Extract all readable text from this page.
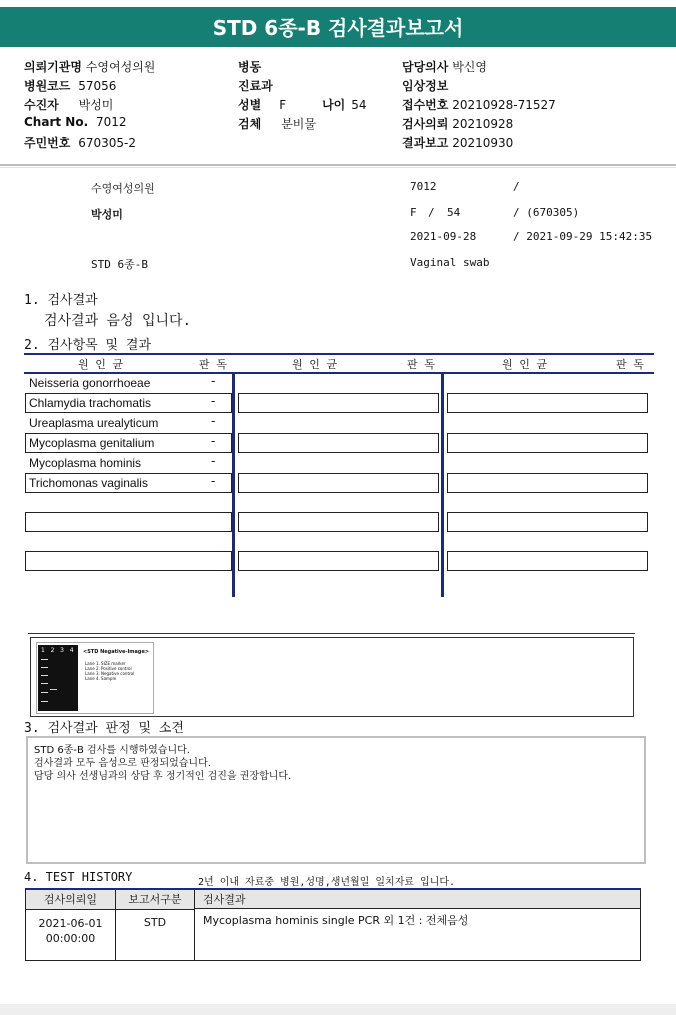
STD 6종-B 검사결과보고서
의뢰기관명 수영여성의원
병원코드 57056
수진자 박성미
Chart No. 7012
주민번호 670305-2
병동
진료과
성별 F	나이 54
검체 분비물
담당의사 박신영
임상정보
접수번호 20210928-71527
검사의뢰 20210928
결과보고 20210930
수영여성의원	7012	/
박성미	F / 54	/ (670305)
2021-09-28	/ 2021-09-29 15:42:35
STD 6종-B	Vaginal swab
1. 검사결과
검사결과 음성 입니다.
2. 검사항목 및 결과
원 인 균	판 독	원 인 균	판 독	원 인 균	판 독
Neisseria gonorrhoeae	-
Chlamydia trachomatis	-
Ureaplasma urealyticum	-
Mycoplasma genitalium	-
Mycoplasma hominis	-
Trichomonas vaginalis	-
1 2 3 4 <STD Negative-Image>
Lane 1. SIZE marker
Lane 2. Positive control
Lane 3. Negative control
Lane 4. Sample
3. 검사결과 판정 및 소견
STD 6종-B 검사를 시행하였습니다.
검사결과 모두 음성으로 판정되었습니다.
담당 의사 선생님과의 상담 후 정기적인 검진을 권장합니다.
4. TEST HISTORY	2년 이내 자료중 병원,성명,생년월일 일치자료 입니다.
검사의뢰일	보고서구분	검사결과
2021-06-01
00:00:00
STD	Mycoplasma hominis single PCR 외 1건 : 전체음성
